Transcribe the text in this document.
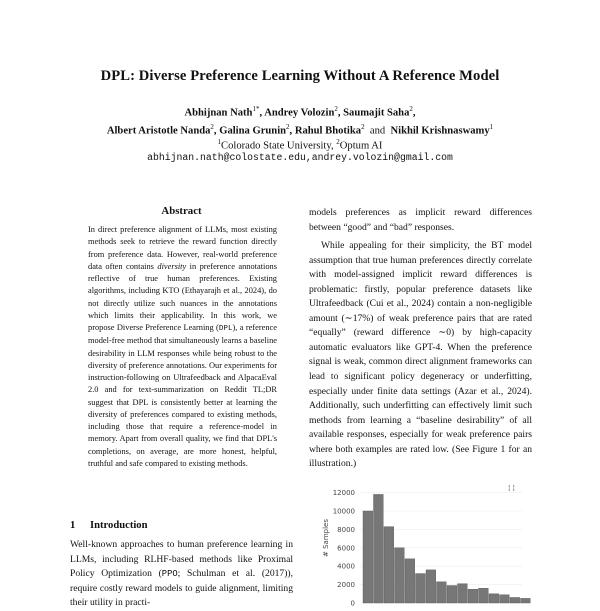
DPL: Diverse Preference Learning Without A Reference Model
Abhijnan Nath$^{1*}$, Andrey Volozin$^2$, Saumajit Saha$^2$,
Albert Aristotle Nanda$^2$, Galina Grunin$^2$, Rahul Bhotika$^2$ and Nikhil Krishnaswamy$^1$
$^1$Colorado State University, $^2$Optum AI
abhijnan.nath@colostate.edu,andrey.volozin@gmail.com
Abstract
In direct preference alignment of LLMs, most existing methods seek to retrieve the reward function directly from preference data. However, real-world preference data often contains diversity in preference annotations reflective of true human preferences. Existing algorithms, including KTO (Ethayarajh et al., 2024), do not directly utilize such nuances in the annotations which limits their applicability. In this work, we propose Diverse Preference Learning (DPL), a reference model-free method that simultaneously learns a baseline desirability in LLM responses while being robust to the diversity of preference annotations. Our experiments for instruction-following on Ultrafeedback and AlpacaEval 2.0 and for text-summarization on Reddit TL;DR suggest that DPL is consistently better at learning the diversity of preferences compared to existing methods, including those that require a reference-model in memory. Apart from overall quality, we find that DPL's completions, on average, are more honest, helpful, truthful and safe compared to existing methods.
1 Introduction
Well-known approaches to human preference learning in LLMs, including RLHF-based methods like Proximal Policy Optimization (PPO; Schulman et al. (2017)), require costly reward models to guide alignment, limiting their utility in practi-

models preferences as implicit reward differences between “good” and “bad” responses.

While appealing for their simplicity, the BT model assumption that true human preferences directly correlate with model-assigned implicit reward differences is problematic: firstly, popular preference datasets like Ultrafeedback (Cui et al., 2024) contain a non-negligible amount (∼17%) of weak preference pairs that are rated “equally” (reward difference ∼0) by high-capacity automatic evaluators like GPT-4. When the preference signal is weak, common direct alignment frameworks can lead to significant policy degeneracy or underfitting, especially under finite data settings (Azar et al., 2024). Additionally, such underfitting can effectively limit such methods from learning a “baseline desirability” of all available responses, especially for weak preference pairs where both examples are rated low. (See Figure 1 for an illustration.)

0
2000
4000
6000
8000
10000
12000
# Samples
¦ ¦
